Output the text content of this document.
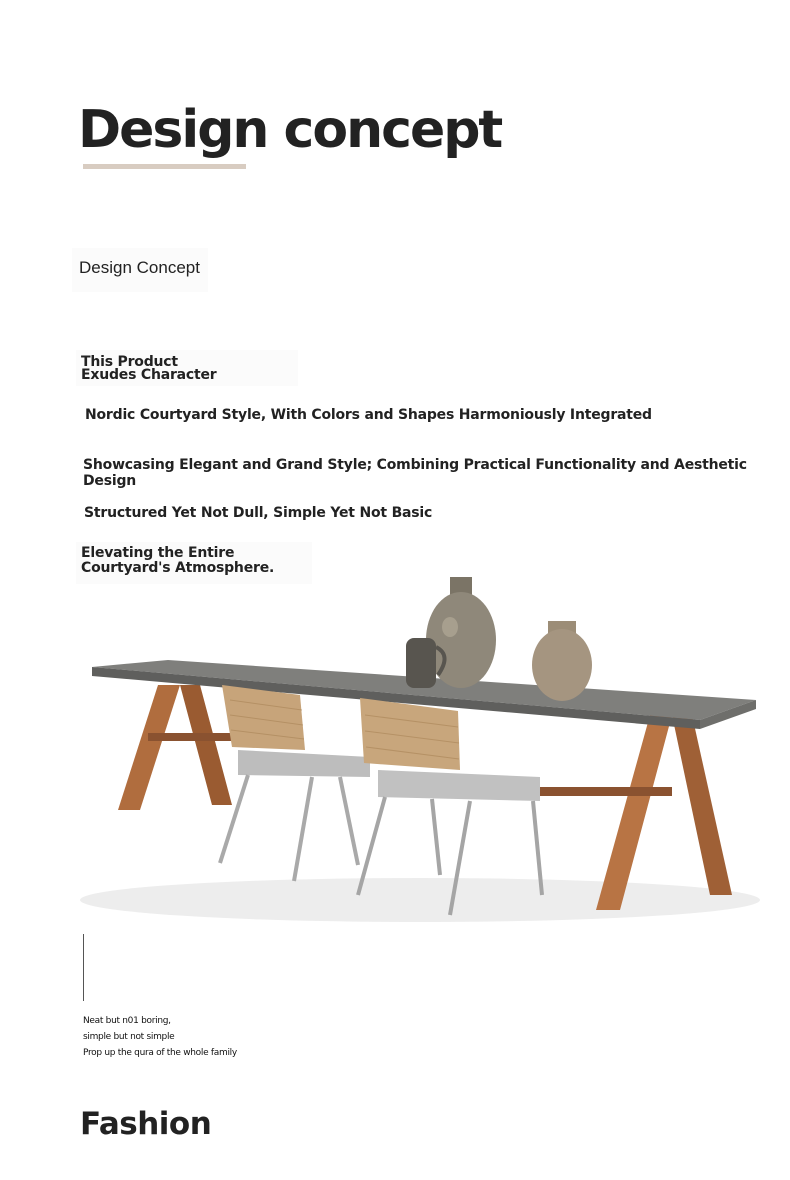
Design concept
Design Concept
This Product Exudes Character
Nordic Courtyard Style, With Colors and Shapes Harmoniously Integrated
Showcasing Elegant and Grand Style; Combining Practical Functionality and Aesthetic Design
Structured Yet Not Dull, Simple Yet Not Basic
Elevating the Entire Courtyard's Atmosphere.
Neat but n01 boring,
simple but not simple
Prop up the qura of the whole family
Fashion
